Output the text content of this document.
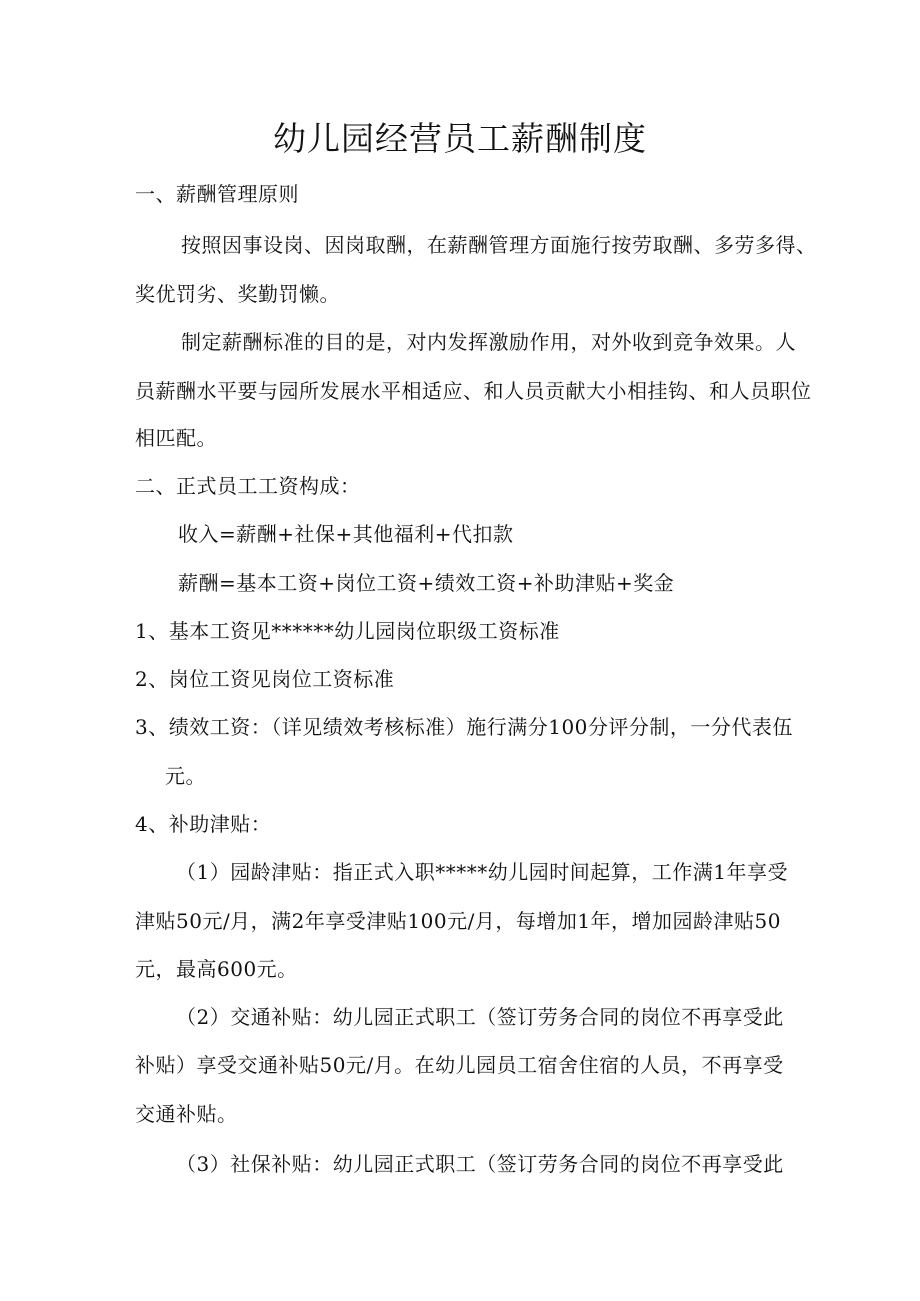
幼儿园经营员工薪酬制度
一、薪酬管理原则
按照因事设岗、因岗取酬，在薪酬管理方面施行按劳取酬、多劳多得、
奖优罚劣、奖勤罚懒。
制定薪酬标准的目的是，对内发挥激励作用，对外收到竞争效果。人
员薪酬水平要与园所发展水平相适应、和人员贡献大小相挂钩、和人员职位
相匹配。
二、正式员工工资构成：
收入=薪酬+社保+其他福利+代扣款
薪酬=基本工资+岗位工资+绩效工资+补助津贴+奖金
1、基本工资见******幼儿园岗位职级工资标准
2、岗位工资见岗位工资标准
3、绩效工资：（详见绩效考核标准）施行满分100分评分制，一分代表伍
元。
4、补助津贴：
（1）园龄津贴：指正式入职*****幼儿园时间起算，工作满1年享受
津贴50元/月，满2年享受津贴100元/月，每增加1年，增加园龄津贴50
元，最高600元。
（2）交通补贴：幼儿园正式职工（签订劳务合同的岗位不再享受此
补贴）享受交通补贴50元/月。在幼儿园员工宿舍住宿的人员，不再享受
交通补贴。
（3）社保补贴：幼儿园正式职工（签订劳务合同的岗位不再享受此
